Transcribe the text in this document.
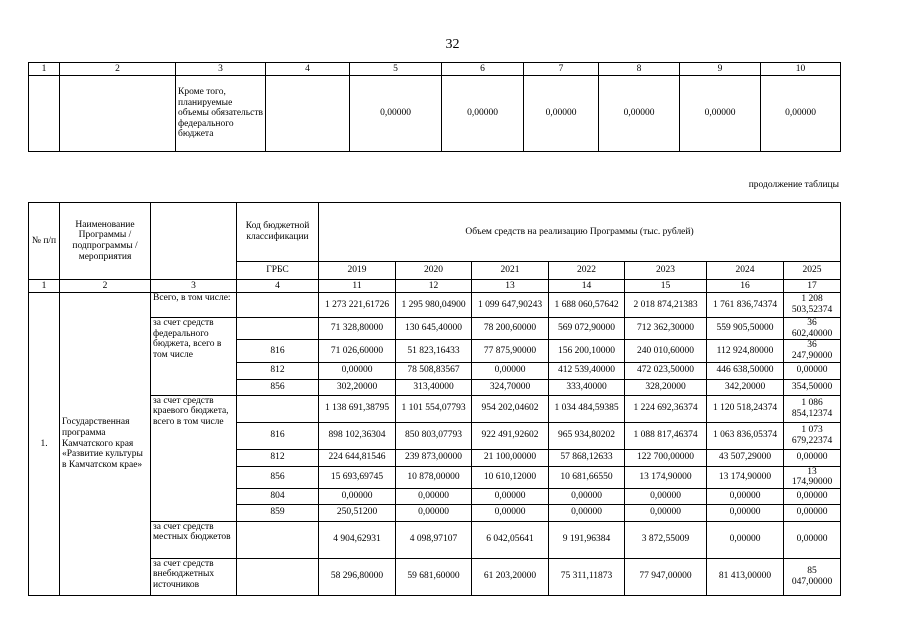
32
1	2	3	4	5	6	7	8	9	10
		Кроме того, планируемые объемы обязательств федерального бюджета		0,00000	0,00000	0,00000	0,00000	0,00000	0,00000
продолжение таблицы
№ п/п	Наименование Программы / подпрограммы / мероприятия		Код бюджетной классификации	Объем средств на реализацию Программы (тыс. рублей)						
			ГРБС	2019	2020	2021	2022	2023	2024	2025
1	2	3	4	11	12	13	14	15	16	17
1.	Государственная программа Камчатского края «Развитие культуры в Камчатском крае»	Всего, в том числе:		1 273 221,61726	1 295 980,04900	1 099 647,90243	1 688 060,57642	2 018 874,21383	1 761 836,74374	1 208 503,52374
		за счет средств федерального бюджета, всего в том числе		71 328,80000	130 645,40000	78 200,60000	569 072,90000	712 362,30000	559 905,50000	36 602,40000
			816	71 026,60000	51 823,16433	77 875,90000	156 200,10000	240 010,60000	112 924,80000	36 247,90000
			812	0,00000	78 508,83567	0,00000	412 539,40000	472 023,50000	446 638,50000	0,00000
			856	302,20000	313,40000	324,70000	333,40000	328,20000	342,20000	354,50000
		за счет средств краевого бюджета, всего в том числе		1 138 691,38795	1 101 554,07793	954 202,04602	1 034 484,59385	1 224 692,36374	1 120 518,24374	1 086 854,12374
			816	898 102,36304	850 803,07793	922 491,92602	965 934,80202	1 088 817,46374	1 063 836,05374	1 073 679,22374
			812	224 644,81546	239 873,00000	21 100,00000	57 868,12633	122 700,00000	43 507,29000	0,00000
			856	15 693,69745	10 878,00000	10 610,12000	10 681,66550	13 174,90000	13 174,90000	13 174,90000
			804	0,00000	0,00000	0,00000	0,00000	0,00000	0,00000	0,00000
			859	250,51200	0,00000	0,00000	0,00000	0,00000	0,00000	0,00000
		за счет средств местных бюджетов		4 904,62931	4 098,97107	6 042,05641	9 191,96384	3 872,55009	0,00000	0,00000
		за счет средств внебюджетных источников		58 296,80000	59 681,60000	61 203,20000	75 311,11873	77 947,00000	81 413,00000	85 047,00000
